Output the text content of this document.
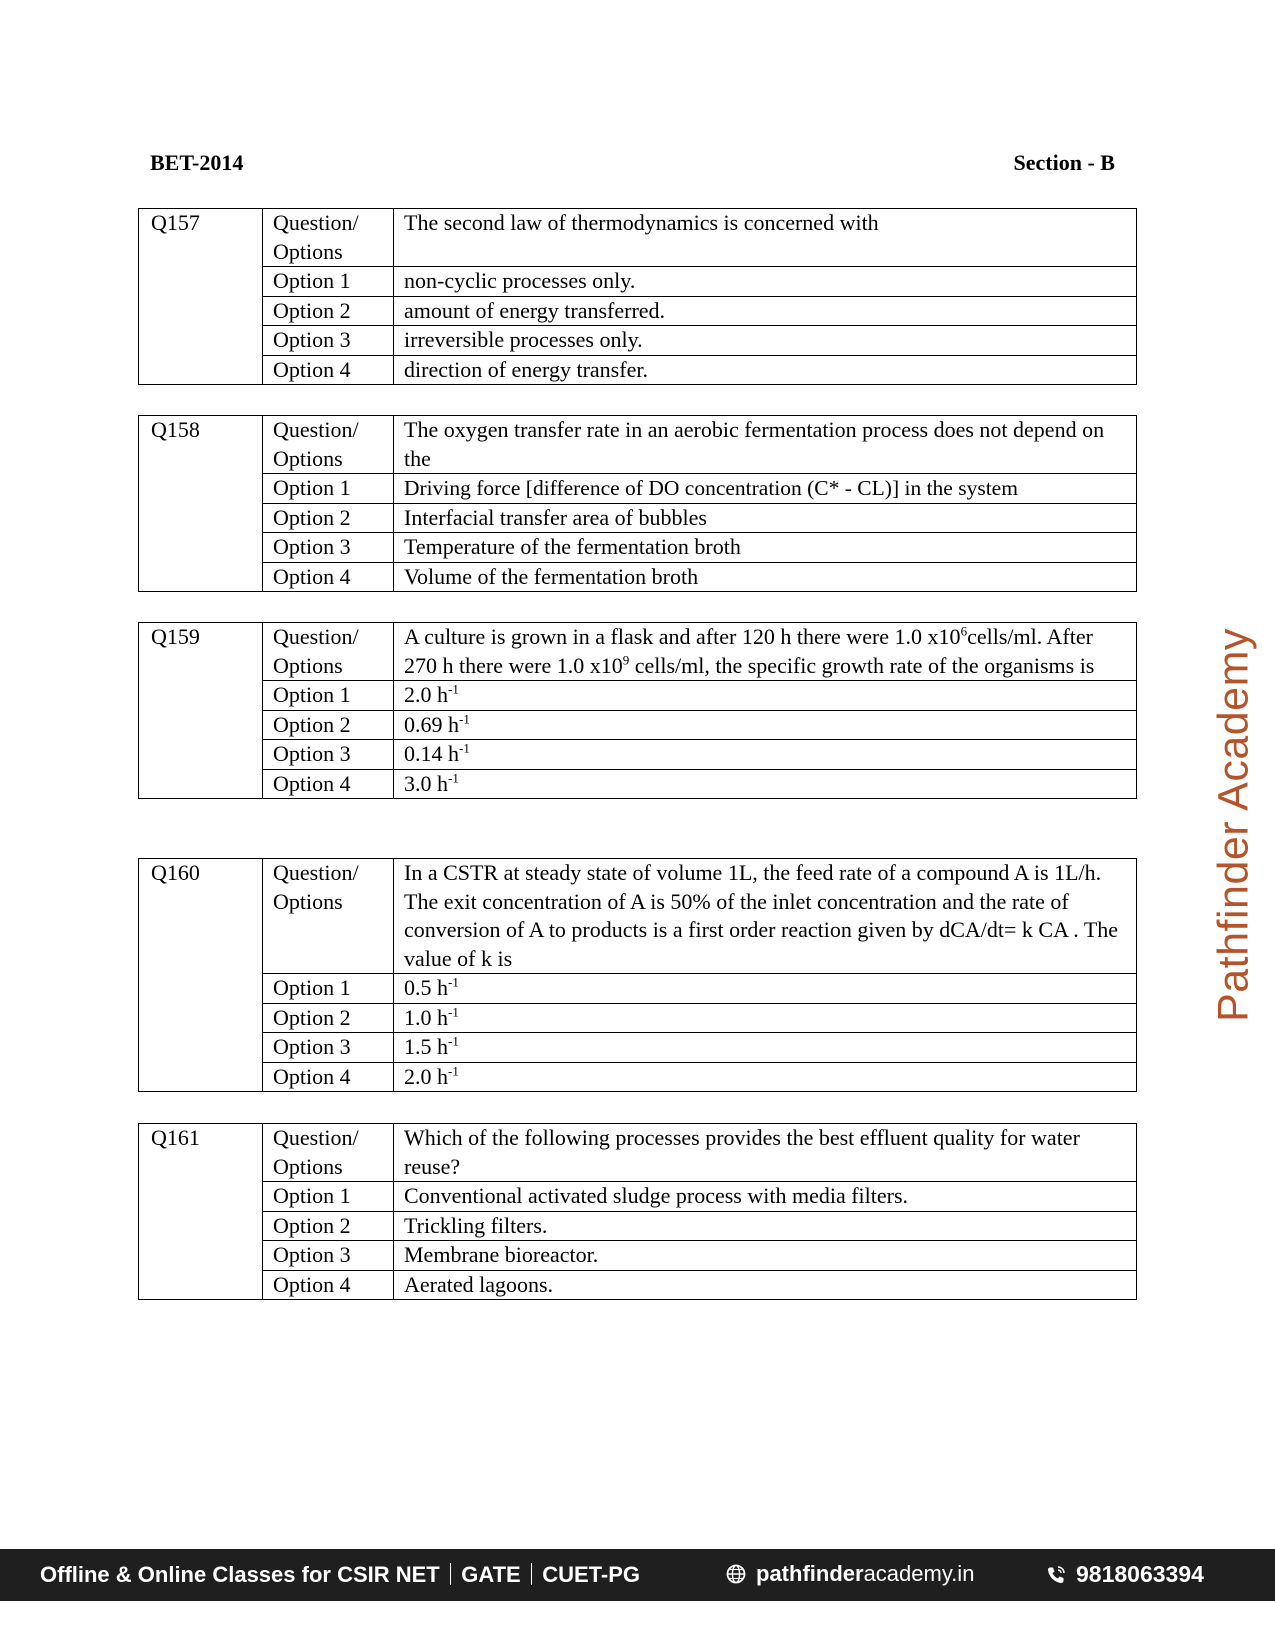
BET-2014	Section - B
Q157	Question/ Options	The second law of thermodynamics is concerned with
	Option 1	non-cyclic processes only.
	Option 2	amount of energy transferred.
	Option 3	irreversible processes only.
	Option 4	direction of energy transfer.
Q158	Question/ Options	The oxygen transfer rate in an aerobic fermentation process does not depend on the
	Option 1	Driving force [difference of DO concentration (C* - CL)] in the system
	Option 2	Interfacial transfer area of bubbles
	Option 3	Temperature of the fermentation broth
	Option 4	Volume of the fermentation broth
Q159	Question/ Options	A culture is grown in a flask and after 120 h there were 1.0 $x10^6cells/ml$. After 270 h there were 1.0 $x10^9$ cells/ml, the specific growth rate of the organisms is
	Option 1	2.0 $h^{-1}$
	Option 2	0.69 $h^{-1}$
	Option 3	0.14 $h^{-1}$
	Option 4	3.0 $h^{-1}$
Q160	Question/ Options	In a CSTR at steady state of volume 1L, the feed rate of a compound A is 1L/h. The exit concentration of A is 50% of the inlet concentration and the rate of conversion of A to products is a first order reaction given by dCA/dt= k CA . The value of k is
	Option 1	0.5 $h^{-1}$
	Option 2	1.0 $h^{-1}$
	Option 3	1.5 $h^{-1}$
	Option 4	2.0 $h^{-1}$
Q161	Question/ Options	Which of the following processes provides the best effluent quality for water reuse?
	Option 1	Conventional activated sludge process with media filters.
	Option 2	Trickling filters.
	Option 3	Membrane bioreactor.
	Option 4	Aerated lagoons.
Pathfinder Academy
Offline & Online Classes for CSIR NET GATE CUET-PG	pathfinderacademy.in	9818063394
